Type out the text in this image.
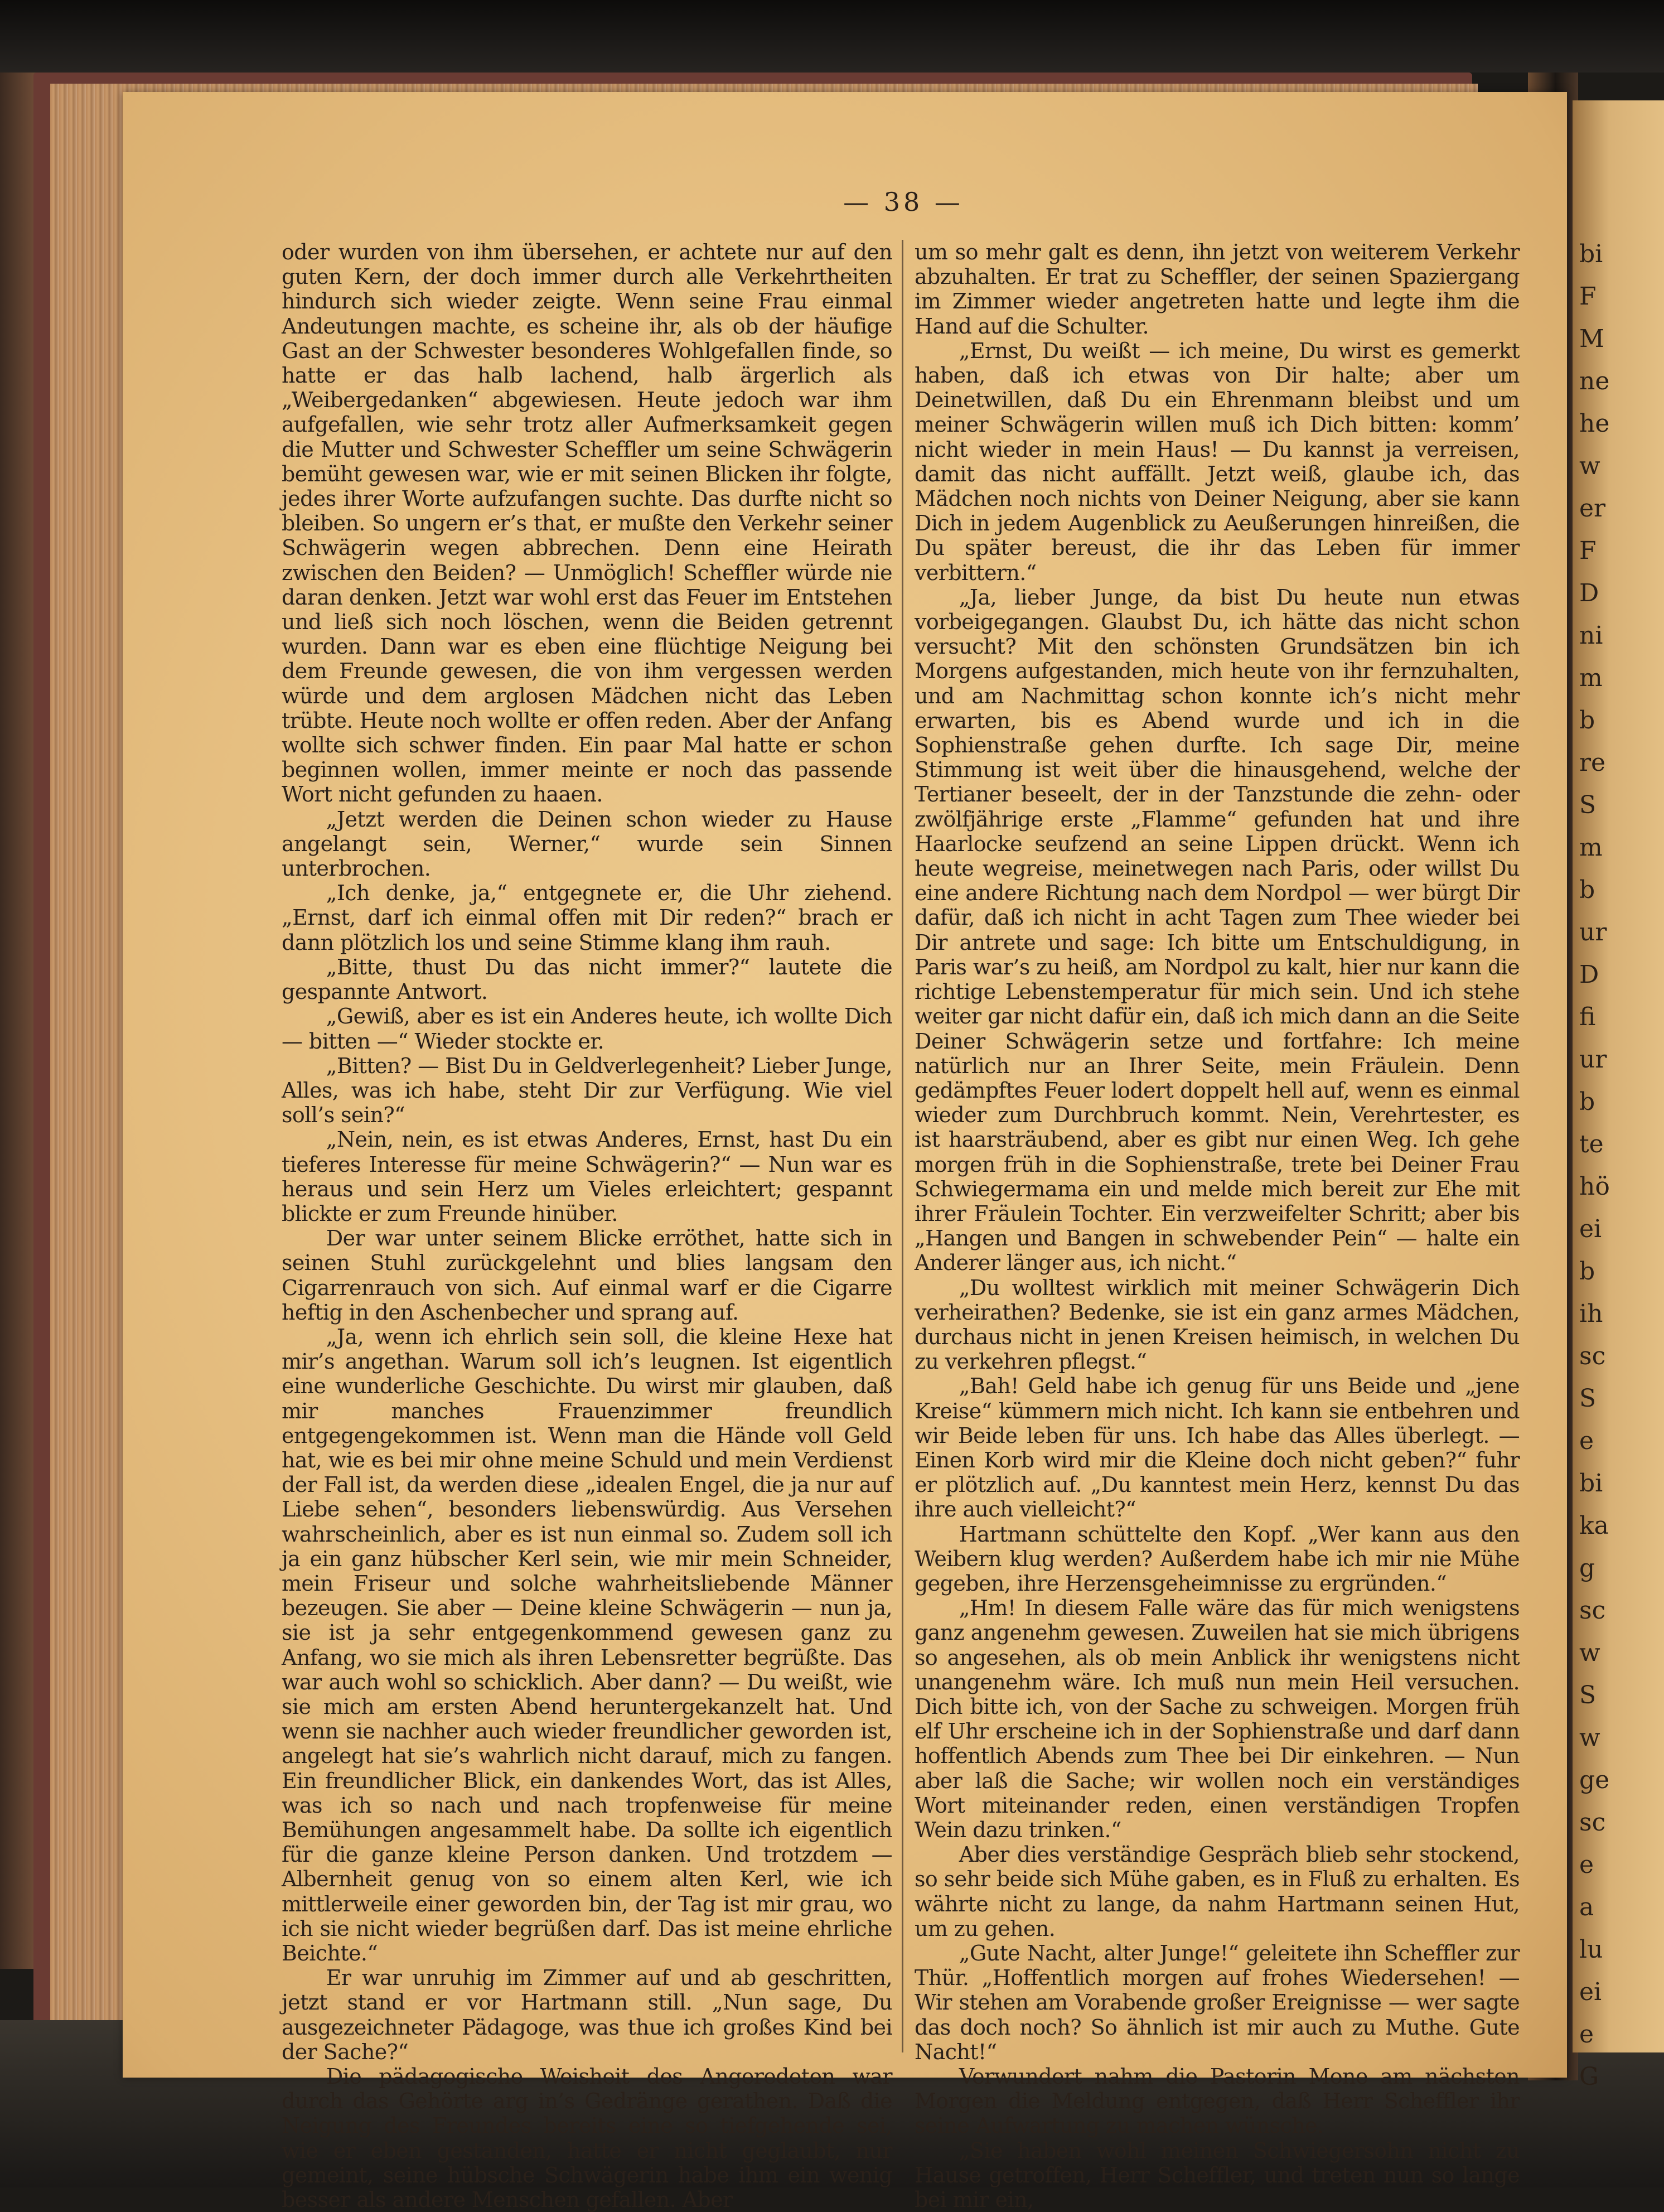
bi
F
M
ne
he
w
er
F
D
ni
m
b
re
S
m
b
ur
D
fi
ur
b
te
hö
ei
b
ih
sc
S
e
bi
ka
g
sc
w
S
w
ge
sc
e
a
lu
ei
e
G
— 38 —

oder wurden von ihm übersehen, er achtete nur auf den guten Kern, der doch immer durch alle Verkehrtheiten hindurch sich wieder zeigte. Wenn seine Frau einmal Andeutungen machte, es scheine ihr, als ob der häufige Gast an der Schwester besonderes Wohlgefallen finde, so hatte er das halb lachend, halb ärgerlich als „Weibergedanken“ abgewiesen. Heute jedoch war ihm aufgefallen, wie sehr trotz aller Aufmerksamkeit gegen die Mutter und Schwester Scheffler um seine Schwägerin bemüht gewesen war, wie er mit seinen Blicken ihr folgte, jedes ihrer Worte aufzufangen suchte. Das durfte nicht so bleiben. So ungern er’s that, er mußte den Verkehr seiner Schwägerin wegen abbrechen. Denn eine Heirath zwischen den Beiden? — Unmöglich! Scheffler würde nie daran denken. Jetzt war wohl erst das Feuer im Entstehen und ließ sich noch löschen, wenn die Beiden getrennt wurden. Dann war es eben eine flüchtige Neigung bei dem Freunde gewesen, die von ihm vergessen werden würde und dem arglosen Mädchen nicht das Leben trübte. Heute noch wollte er offen reden. Aber der Anfang wollte sich schwer finden. Ein paar Mal hatte er schon beginnen wollen, immer meinte er noch das passende Wort nicht gefunden zu haaen.

„Jetzt werden die Deinen schon wieder zu Hause angelangt sein, Werner,“ wurde sein Sinnen unterbrochen.

„Ich denke, ja,“ entgegnete er, die Uhr ziehend. „Ernst, darf ich einmal offen mit Dir reden?“ brach er dann plötzlich los und seine Stimme klang ihm rauh.

„Bitte, thust Du das nicht immer?“ lautete die gespannte Antwort.

„Gewiß, aber es ist ein Anderes heute, ich wollte Dich — bitten —“ Wieder stockte er.

„Bitten? — Bist Du in Geldverlegenheit? Lieber Junge, Alles, was ich habe, steht Dir zur Verfügung. Wie viel soll’s sein?“

„Nein, nein, es ist etwas Anderes, Ernst, hast Du ein tieferes Interesse für meine Schwägerin?“ — Nun war es heraus und sein Herz um Vieles erleichtert; gespannt blickte er zum Freunde hinüber.

Der war unter seinem Blicke erröthet, hatte sich in seinen Stuhl zurückgelehnt und blies langsam den Cigarrenrauch von sich. Auf einmal warf er die Cigarre heftig in den Aschenbecher und sprang auf.

„Ja, wenn ich ehrlich sein soll, die kleine Hexe hat mir’s angethan. Warum soll ich’s leugnen. Ist eigentlich eine wunderliche Geschichte. Du wirst mir glauben, daß mir manches Frauenzimmer freundlich entgegengekommen ist. Wenn man die Hände voll Geld hat, wie es bei mir ohne meine Schuld und mein Verdienst der Fall ist, da werden diese „idealen Engel, die ja nur auf Liebe sehen“, besonders liebenswürdig. Aus Versehen wahrscheinlich, aber es ist nun einmal so. Zudem soll ich ja ein ganz hübscher Kerl sein, wie mir mein Schneider, mein Friseur und solche wahrheitsliebende Männer bezeugen. Sie aber — Deine kleine Schwägerin — nun ja, sie ist ja sehr entgegenkommend gewesen ganz zu Anfang, wo sie mich als ihren Lebensretter begrüßte. Das war auch wohl so schicklich. Aber dann? — Du weißt, wie sie mich am ersten Abend heruntergekanzelt hat. Und wenn sie nachher auch wieder freundlicher geworden ist, angelegt hat sie’s wahrlich nicht darauf, mich zu fangen. Ein freundlicher Blick, ein dankendes Wort, das ist Alles, was ich so nach und nach tropfenweise für meine Bemühungen angesammelt habe. Da sollte ich eigentlich für die ganze kleine Person danken. Und trotzdem — Albernheit genug von so einem alten Kerl, wie ich mittlerweile einer geworden bin, der Tag ist mir grau, wo ich sie nicht wieder begrüßen darf. Das ist meine ehrliche Beichte.“

Er war unruhig im Zimmer auf und ab geschritten, jetzt stand er vor Hartmann still. „Nun sage, Du ausgezeichneter Pädagoge, was thue ich großes Kind bei der Sache?“

Die pädagogische Weisheit des Angeredeten war durch das Gehörte arg in’s Gedränge gerathen. Daß die Neigung des Freundes bereits eine so tiefgehende sei, wie er eben gestanden, hatte er nicht geglaubt, nur gemeint, seine hübsche Schwägerin habe ihm ein wenig besser als andere Menschen gefallen. Aber

um so mehr galt es denn, ihn jetzt von weiterem Verkehr abzuhalten. Er trat zu Scheffler, der seinen Spaziergang im Zimmer wieder angetreten hatte und legte ihm die Hand auf die Schulter.

„Ernst, Du weißt — ich meine, Du wirst es gemerkt haben, daß ich etwas von Dir halte; aber um Deinetwillen, daß Du ein Ehrenmann bleibst und um meiner Schwägerin willen muß ich Dich bitten: komm’ nicht wieder in mein Haus! — Du kannst ja verreisen, damit das nicht auffällt. Jetzt weiß, glaube ich, das Mädchen noch nichts von Deiner Neigung, aber sie kann Dich in jedem Augenblick zu Aeußerungen hinreißen, die Du später bereust, die ihr das Leben für immer verbittern.“

„Ja, lieber Junge, da bist Du heute nun etwas vorbeigegangen. Glaubst Du, ich hätte das nicht schon versucht? Mit den schönsten Grundsätzen bin ich Morgens aufgestanden, mich heute von ihr fernzuhalten, und am Nachmittag schon konnte ich’s nicht mehr erwarten, bis es Abend wurde und ich in die Sophienstraße gehen durfte. Ich sage Dir, meine Stimmung ist weit über die hinausgehend, welche der Tertianer beseelt, der in der Tanzstunde die zehn- oder zwölfjährige erste „Flamme“ gefunden hat und ihre Haarlocke seufzend an seine Lippen drückt. Wenn ich heute wegreise, meinetwegen nach Paris, oder willst Du eine andere Richtung nach dem Nordpol — wer bürgt Dir dafür, daß ich nicht in acht Tagen zum Thee wieder bei Dir antrete und sage: Ich bitte um Entschuldigung, in Paris war’s zu heiß, am Nordpol zu kalt, hier nur kann die richtige Lebenstemperatur für mich sein. Und ich stehe weiter gar nicht dafür ein, daß ich mich dann an die Seite Deiner Schwägerin setze und fortfahre: Ich meine natürlich nur an Ihrer Seite, mein Fräulein. Denn gedämpftes Feuer lodert doppelt hell auf, wenn es einmal wieder zum Durchbruch kommt. Nein, Verehrtester, es ist haarsträubend, aber es gibt nur einen Weg. Ich gehe morgen früh in die Sophienstraße, trete bei Deiner Frau Schwiegermama ein und melde mich bereit zur Ehe mit ihrer Fräulein Tochter. Ein verzweifelter Schritt; aber bis „Hangen und Bangen in schwebender Pein“ — halte ein Anderer länger aus, ich nicht.“

„Du wolltest wirklich mit meiner Schwägerin Dich verheirathen? Bedenke, sie ist ein ganz armes Mädchen, durchaus nicht in jenen Kreisen heimisch, in welchen Du zu verkehren pflegst.“

„Bah! Geld habe ich genug für uns Beide und „jene Kreise“ kümmern mich nicht. Ich kann sie entbehren und wir Beide leben für uns. Ich habe das Alles überlegt. — Einen Korb wird mir die Kleine doch nicht geben?“ fuhr er plötzlich auf. „Du kanntest mein Herz, kennst Du das ihre auch vielleicht?“

Hartmann schüttelte den Kopf. „Wer kann aus den Weibern klug werden? Außerdem habe ich mir nie Mühe gegeben, ihre Herzensgeheimnisse zu ergründen.“

„Hm! In diesem Falle wäre das für mich wenigstens ganz angenehm gewesen. Zuweilen hat sie mich übrigens so angesehen, als ob mein Anblick ihr wenigstens nicht unangenehm wäre. Ich muß nun mein Heil versuchen. Dich bitte ich, von der Sache zu schweigen. Morgen früh elf Uhr erscheine ich in der Sophienstraße und darf dann hoffentlich Abends zum Thee bei Dir einkehren. — Nun aber laß die Sache; wir wollen noch ein verständiges Wort miteinander reden, einen verständigen Tropfen Wein dazu trinken.“

Aber dies verständige Gespräch blieb sehr stockend, so sehr beide sich Mühe gaben, es in Fluß zu erhalten. Es währte nicht zu lange, da nahm Hartmann seinen Hut, um zu gehen.

„Gute Nacht, alter Junge!“ geleitete ihn Scheffler zur Thür. „Hoffentlich morgen auf frohes Wiedersehen! — Wir stehen am Vorabende großer Ereignisse — wer sagte das doch noch? So ähnlich ist mir auch zu Muthe. Gute Nacht!“

Verwundert nahm die Pastorin Mone am nächsten Morgen die Meldung entgegen, daß Herr Scheffler ihr seine Aufwartung zu machen wünsche.

„Sie haben wohl meinen Schwiegersohn nicht zu Hause getroffen, Herr Scheffler, und treten nun so lange bei mir ein,
